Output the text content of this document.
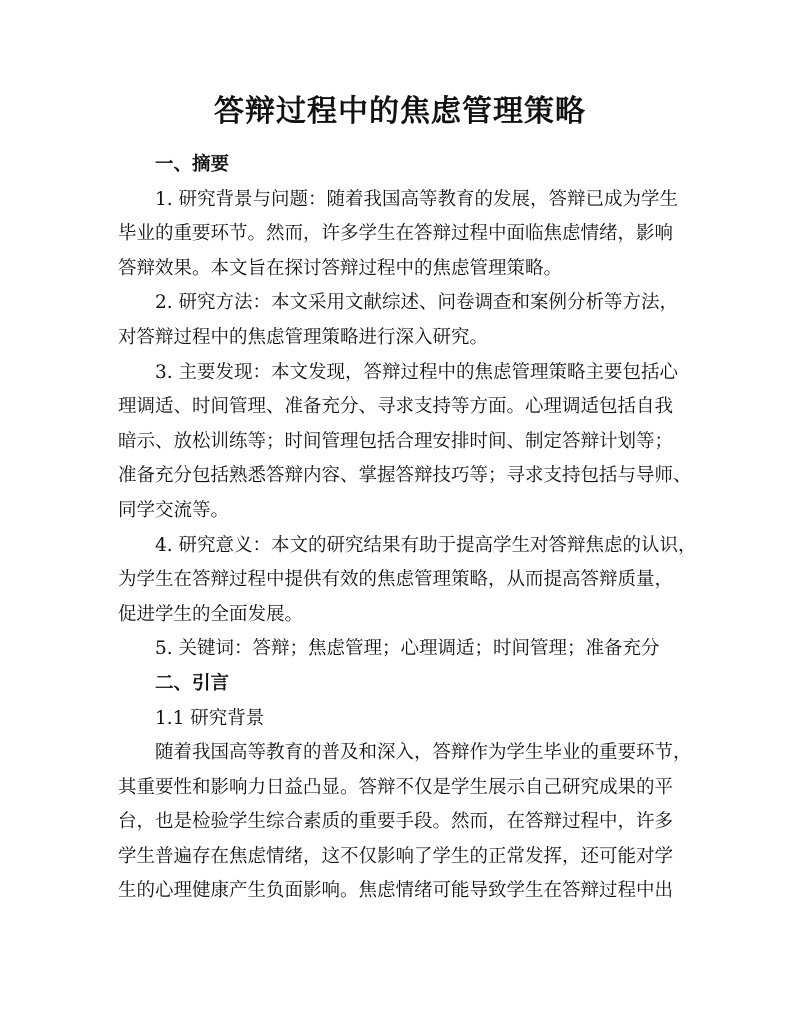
答辩过程中的焦虑管理策略
一、摘要
1. 研究背景与问题：随着我国高等教育的发展，答辩已成为学生
毕业的重要环节。然而，许多学生在答辩过程中面临焦虑情绪，影响
答辩效果。本文旨在探讨答辩过程中的焦虑管理策略。
2. 研究方法：本文采用文献综述、问卷调查和案例分析等方法，
对答辩过程中的焦虑管理策略进行深入研究。
3. 主要发现：本文发现，答辩过程中的焦虑管理策略主要包括心
理调适、时间管理、准备充分、寻求支持等方面。心理调适包括自我
暗示、放松训练等；时间管理包括合理安排时间、制定答辩计划等；
准备充分包括熟悉答辩内容、掌握答辩技巧等；寻求支持包括与导师、
同学交流等。
4. 研究意义：本文的研究结果有助于提高学生对答辩焦虑的认识，
为学生在答辩过程中提供有效的焦虑管理策略，从而提高答辩质量，
促进学生的全面发展。
5. 关键词：答辩；焦虑管理；心理调适；时间管理；准备充分
二、引言
1.1 研究背景
随着我国高等教育的普及和深入，答辩作为学生毕业的重要环节，
其重要性和影响力日益凸显。答辩不仅是学生展示自己研究成果的平
台，也是检验学生综合素质的重要手段。然而，在答辩过程中，许多
学生普遍存在焦虑情绪，这不仅影响了学生的正常发挥，还可能对学
生的心理健康产生负面影响。焦虑情绪可能导致学生在答辩过程中出
